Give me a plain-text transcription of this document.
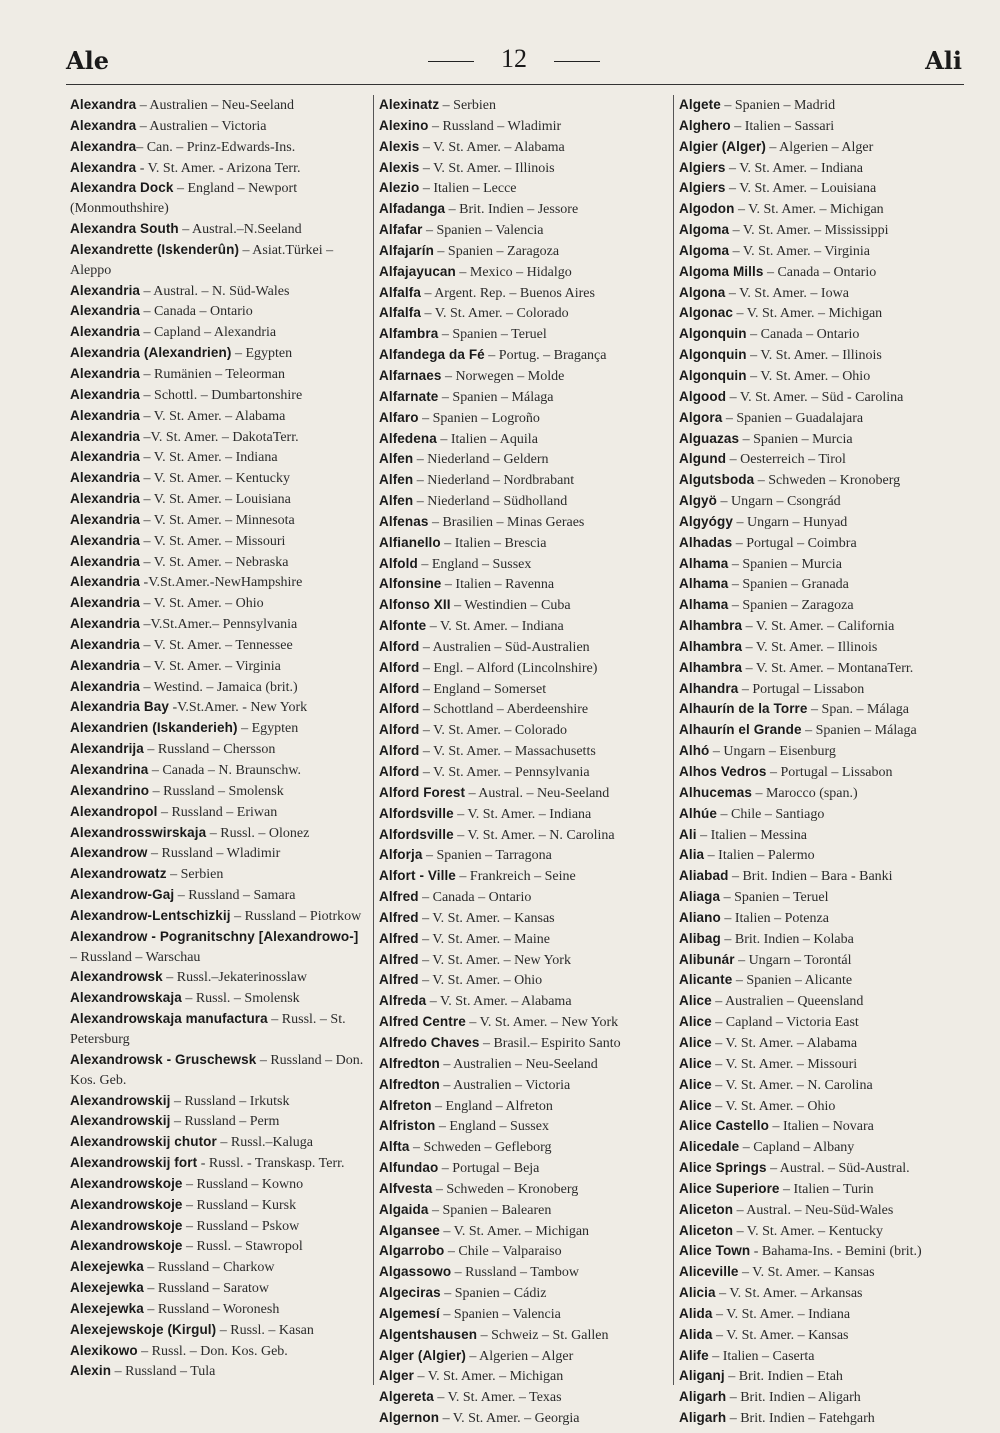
Ale	12	Ali
Alexandra – Australien – Neu-Seeland
Alexandra – Australien – Victoria
Alexandra– Can. – Prinz-Edwards-Ins.
Alexandra - V. St. Amer. - Arizona Terr.
Alexandra Dock – England – Newport (Monmouthshire)
Alexandra South – Austral.–N.Seeland
Alexandrette (Iskenderûn) – Asiat.Türkei – Aleppo
Alexandria – Austral. – N. Süd-Wales
Alexandria – Canada – Ontario
Alexandria – Capland – Alexandria
Alexandria (Alexandrien) – Egypten
Alexandria – Rumänien – Teleorman
Alexandria – Schottl. – Dumbartonshire
Alexandria – V. St. Amer. – Alabama
Alexandria –V. St. Amer. – DakotaTerr.
Alexandria – V. St. Amer. – Indiana
Alexandria – V. St. Amer. – Kentucky
Alexandria – V. St. Amer. – Louisiana
Alexandria – V. St. Amer. – Minnesota
Alexandria – V. St. Amer. – Missouri
Alexandria – V. St. Amer. – Nebraska
Alexandria -V.St.Amer.-NewHampshire
Alexandria – V. St. Amer. – Ohio
Alexandria –V.St.Amer.– Pennsylvania
Alexandria – V. St. Amer. – Tennessee
Alexandria – V. St. Amer. – Virginia
Alexandria – Westind. – Jamaica (brit.)
Alexandria Bay -V.St.Amer. - New York
Alexandrien (Iskanderieh) – Egypten
Alexandrija – Russland – Chersson
Alexandrina – Canada – N. Braunschw.
Alexandrino – Russland – Smolensk
Alexandropol – Russland – Eriwan
Alexandrosswirskaja – Russl. – Olonez
Alexandrow – Russland – Wladimir
Alexandrowatz – Serbien
Alexandrow-Gaj – Russland – Samara
Alexandrow-Lentschizkij – Russland – Piotrkow
Alexandrow - Pogranitschny [Alexandrowo-] – Russland – Warschau
Alexandrowsk – Russl.–Jekaterinosslaw
Alexandrowskaja – Russl. – Smolensk
Alexandrowskaja manufactura – Russl. – St. Petersburg
Alexandrowsk - Gruschewsk – Russland – Don. Kos. Geb.
Alexandrowskij – Russland – Irkutsk
Alexandrowskij – Russland – Perm
Alexandrowskij chutor – Russl.–Kaluga
Alexandrowskij fort - Russl. - Transkasp. Terr.
Alexandrowskoje – Russland – Kowno
Alexandrowskoje – Russland – Kursk
Alexandrowskoje – Russland – Pskow
Alexandrowskoje – Russl. – Stawropol
Alexejewka – Russland – Charkow
Alexejewka – Russland – Saratow
Alexejewka – Russland – Woronesh
Alexejewskoje (Kirgul) – Russl. – Kasan
Alexikowo – Russl. – Don. Kos. Geb.
Alexin – Russland – Tula
Alexinatz – Serbien
Alexino – Russland – Wladimir
Alexis – V. St. Amer. – Alabama
Alexis – V. St. Amer. – Illinois
Alezio – Italien – Lecce
Alfadanga – Brit. Indien – Jessore
Alfafar – Spanien – Valencia
Alfajarín – Spanien – Zaragoza
Alfajayucan – Mexico – Hidalgo
Alfalfa – Argent. Rep. – Buenos Aires
Alfalfa – V. St. Amer. – Colorado
Alfambra – Spanien – Teruel
Alfandega da Fé – Portug. – Bragança
Alfarnaes – Norwegen – Molde
Alfarnate – Spanien – Málaga
Alfaro – Spanien – Logroño
Alfedena – Italien – Aquila
Alfen – Niederland – Geldern
Alfen – Niederland – Nordbrabant
Alfen – Niederland – Südholland
Alfenas – Brasilien – Minas Geraes
Alfianello – Italien – Brescia
Alfold – England – Sussex
Alfonsine – Italien – Ravenna
Alfonso XII – Westindien – Cuba
Alfonte – V. St. Amer. – Indiana
Alford – Australien – Süd-Australien
Alford – Engl. – Alford (Lincolnshire)
Alford – England – Somerset
Alford – Schottland – Aberdeenshire
Alford – V. St. Amer. – Colorado
Alford – V. St. Amer. – Massachusetts
Alford – V. St. Amer. – Pennsylvania
Alford Forest – Austral. – Neu-Seeland
Alfordsville – V. St. Amer. – Indiana
Alfordsville – V. St. Amer. – N. Carolina
Alforja – Spanien – Tarragona
Alfort - Ville – Frankreich – Seine
Alfred – Canada – Ontario
Alfred – V. St. Amer. – Kansas
Alfred – V. St. Amer. – Maine
Alfred – V. St. Amer. – New York
Alfred – V. St. Amer. – Ohio
Alfreda – V. St. Amer. – Alabama
Alfred Centre – V. St. Amer. – New York
Alfredo Chaves – Brasil.– Espirito Santo
Alfredton – Australien – Neu-Seeland
Alfredton – Australien – Victoria
Alfreton – England – Alfreton
Alfriston – England – Sussex
Alfta – Schweden – Gefleborg
Alfundao – Portugal – Beja
Alfvesta – Schweden – Kronoberg
Algaida – Spanien – Balearen
Algansee – V. St. Amer. – Michigan
Algarrobo – Chile – Valparaiso
Algassowo – Russland – Tambow
Algeciras – Spanien – Cádiz
Algemesí – Spanien – Valencia
Algentshausen – Schweiz – St. Gallen
Alger (Algier) – Algerien – Alger
Alger – V. St. Amer. – Michigan
Algereta – V. St. Amer. – Texas
Algernon – V. St. Amer. – Georgia
Algete – Spanien – Madrid
Alghero – Italien – Sassari
Algier (Alger) – Algerien – Alger
Algiers – V. St. Amer. – Indiana
Algiers – V. St. Amer. – Louisiana
Algodon – V. St. Amer. – Michigan
Algoma – V. St. Amer. – Mississippi
Algoma – V. St. Amer. – Virginia
Algoma Mills – Canada – Ontario
Algona – V. St. Amer. – Iowa
Algonac – V. St. Amer. – Michigan
Algonquin – Canada – Ontario
Algonquin – V. St. Amer. – Illinois
Algonquin – V. St. Amer. – Ohio
Algood – V. St. Amer. – Süd - Carolina
Algora – Spanien – Guadalajara
Alguazas – Spanien – Murcia
Algund – Oesterreich – Tirol
Algutsboda – Schweden – Kronoberg
Algyö – Ungarn – Csongrád
Algyógy – Ungarn – Hunyad
Alhadas – Portugal – Coimbra
Alhama – Spanien – Murcia
Alhama – Spanien – Granada
Alhama – Spanien – Zaragoza
Alhambra – V. St. Amer. – California
Alhambra – V. St. Amer. – Illinois
Alhambra – V. St. Amer. – MontanaTerr.
Alhandra – Portugal – Lissabon
Alhaurín de la Torre – Span. – Málaga
Alhaurín el Grande – Spanien – Málaga
Alhó – Ungarn – Eisenburg
Alhos Vedros – Portugal – Lissabon
Alhucemas – Marocco (span.)
Alhúe – Chile – Santiago
Ali – Italien – Messina
Alia – Italien – Palermo
Aliabad – Brit. Indien – Bara - Banki
Aliaga – Spanien – Teruel
Aliano – Italien – Potenza
Alibag – Brit. Indien – Kolaba
Alibunár – Ungarn – Torontál
Alicante – Spanien – Alicante
Alice – Australien – Queensland
Alice – Capland – Victoria East
Alice – V. St. Amer. – Alabama
Alice – V. St. Amer. – Missouri
Alice – V. St. Amer. – N. Carolina
Alice – V. St. Amer. – Ohio
Alice Castello – Italien – Novara
Alicedale – Capland – Albany
Alice Springs – Austral. – Süd-Austral.
Alice Superiore – Italien – Turin
Aliceton – Austral. – Neu-Süd-Wales
Aliceton – V. St. Amer. – Kentucky
Alice Town - Bahama-Ins. - Bemini (brit.)
Aliceville – V. St. Amer. – Kansas
Alicia – V. St. Amer. – Arkansas
Alida – V. St. Amer. – Indiana
Alida – V. St. Amer. – Kansas
Alife – Italien – Caserta
Aliganj – Brit. Indien – Etah
Aligarh – Brit. Indien – Aligarh
Aligarh – Brit. Indien – Fatehgarh
